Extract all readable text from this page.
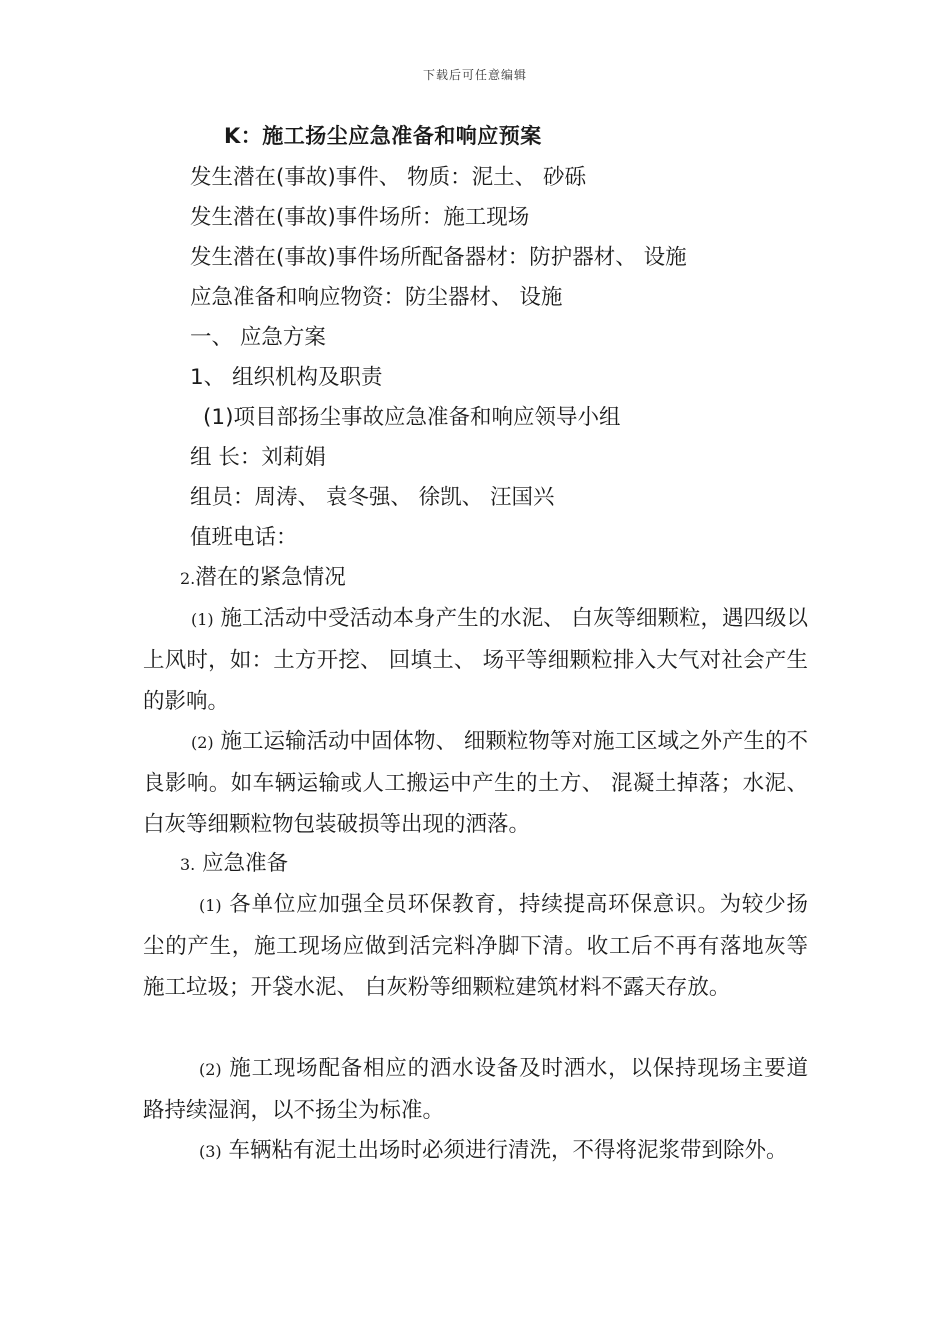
下载后可任意编辑
K：施工扬尘应急准备和响应预案
发生潜在(事故)事件、 物质：泥土、 砂砾
发生潜在(事故)事件场所：施工现场
发生潜在(事故)事件场所配备器材：防护器材、 设施
应急准备和响应物资：防尘器材、 设施
一、 应急方案
1、 组织机构及职责
(1)项目部扬尘事故应急准备和响应领导小组
组 长：刘莉娟
组员：周涛、 袁冬强、 徐凯、 汪国兴
值班电话：
2.潜在的紧急情况
(1) 施工活动中受活动本身产生的水泥、 白灰等细颗粒，遇四级以上风时，如：土方开挖、 回填土、 场平等细颗粒排入大气对社会产生的影响。
(2) 施工运输活动中固体物、 细颗粒物等对施工区域之外产生的不良影响。如车辆运输或人工搬运中产生的土方、 混凝土掉落；水泥、 白灰等细颗粒物包装破损等出现的洒落。
3. 应急准备
(1) 各单位应加强全员环保教育，持续提高环保意识。为较少扬尘的产生，施工现场应做到活完料净脚下清。收工后不再有落地灰等施工垃圾；开袋水泥、 白灰粉等细颗粒建筑材料不露天存放。
(2) 施工现场配备相应的洒水设备及时洒水，以保持现场主要道路持续湿润，以不扬尘为标准。
(3) 车辆粘有泥土出场时必须进行清洗，不得将泥浆带到除外。
